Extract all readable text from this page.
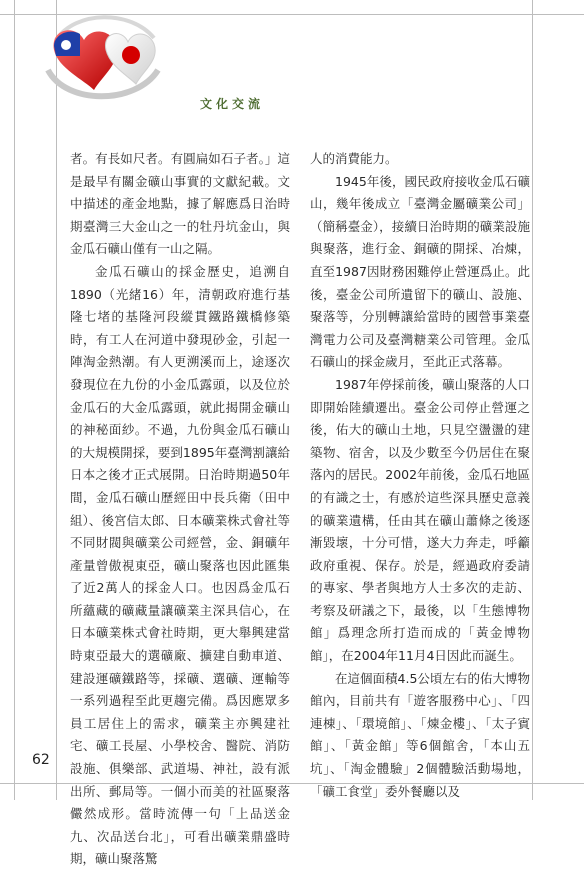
文化交流

者。有長如尺者。有圓扁如石子者。」這是最早有關金礦山事實的文獻紀載。文中描述的產金地點，據了解應爲日治時期臺灣三大金山之一的牡丹坑金山，與金瓜石礦山僅有一山之隔。

金瓜石礦山的採金歷史，追溯自1890（光緒16）年，清朝政府進行基隆七堵的基隆河段縱貫鐵路鐵橋修築時，有工人在河道中發現砂金，引起一陣淘金熱潮。有人更溯溪而上，途逐次發現位在九份的小金瓜露頭，以及位於金瓜石的大金瓜露頭，就此揭開金礦山的神秘面紗。不過，九份與金瓜石礦山的大規模開採，要到1895年臺灣割讓給日本之後才正式展開。日治時期過50年間，金瓜石礦山歷經田中長兵衛（田中組）、後宮信太郎、日本礦業株式會社等不同財閥與礦業公司經營，金、銅礦年產量曾傲視東亞，礦山聚落也因此匯集了近2萬人的採金人口。也因爲金瓜石所蘊藏的礦藏量讓礦業主深具信心，在日本礦業株式會社時期，更大舉興建當時東亞最大的選礦廠、擴建自動車道、建設運礦鐵路等，採礦、選礦、運輸等一系列過程至此更趨完備。爲因應眾多員工居住上的需求，礦業主亦興建社宅、礦工長屋、小學校舍、醫院、消防設施、俱樂部、武道場、神社，設有派出所、郵局等。一個小而美的社區聚落儼然成形。當時流傳一句「上品送金九、次品送台北」，可看出礦業鼎盛時期，礦山聚落驚

人的消費能力。

1945年後，國民政府接收金瓜石礦山，幾年後成立「臺灣金屬礦業公司」（簡稱臺金），接續日治時期的礦業設施與聚落，進行金、銅礦的開採、冶煉，直至1987因財務困難停止營運爲止。此後，臺金公司所遺留下的礦山、設施、聚落等，分別轉讓給當時的國營事業臺灣電力公司及臺灣糖業公司管理。金瓜石礦山的採金歲月，至此正式落幕。

1987年停採前後，礦山聚落的人口即開始陸續遷出。臺金公司停止營運之後，佑大的礦山土地，只見空盪盪的建築物、宿舍，以及少數至今仍居住在聚落內的居民。2002年前後，金瓜石地區的有識之士，有感於這些深具歷史意義的礦業遺構，任由其在礦山蕭條之後逐漸毀壞，十分可惜，遂大力奔走，呼籲政府重視、保存。於是，經過政府委請的專家、學者與地方人士多次的走訪、考察及研議之下，最後，以「生態博物館」爲理念所打造而成的「黃金博物館」，在2004年11月4日因此而誕生。

在這個面積4.5公頃左右的佑大博物館內，目前共有「遊客服務中心」、「四連棟」、「環境館」、「煉金樓」、「太子賓館」、「黃金館」等6個館舍，「本山五坑」、「淘金體驗」2個體驗活動場地，「礦工食堂」委外餐廳以及

62
